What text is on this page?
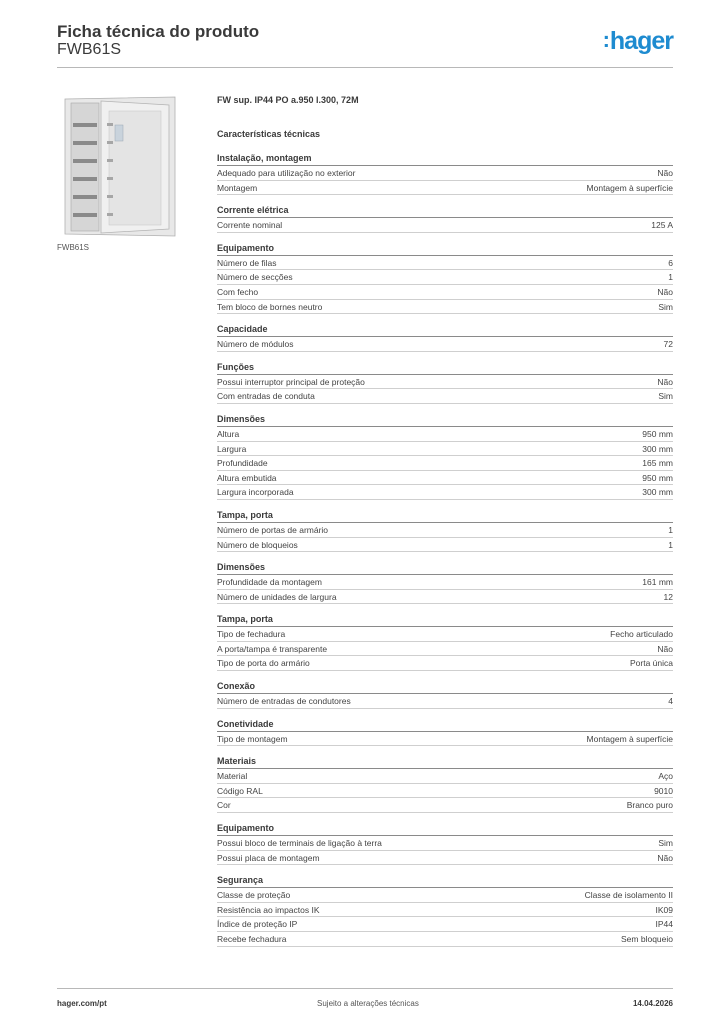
Ficha técnica do produto
FWB61S	:hager
FWB61S
FW sup. IP44 PO a.950 l.300, 72M
Características técnicas
Instalação, montagem
Adequado para utilização no exterior	Não
Montagem	Montagem à superfície
Corrente elétrica
Corrente nominal	125 A
Equipamento
Número de filas	6
Número de secções	1
Com fecho	Não
Tem bloco de bornes neutro	Sim
Capacidade
Número de módulos	72
Funções
Possui interruptor principal de proteção	Não
Com entradas de conduta	Sim
Dimensões
Altura	950 mm
Largura	300 mm
Profundidade	165 mm
Altura embutida	950 mm
Largura incorporada	300 mm
Tampa, porta
Número de portas de armário	1
Número de bloqueios	1
Dimensões
Profundidade da montagem	161 mm
Número de unidades de largura	12
Tampa, porta
Tipo de fechadura	Fecho articulado
A porta/tampa é transparente	Não
Tipo de porta do armário	Porta única
Conexão
Número de entradas de condutores	4
Conetividade
Tipo de montagem	Montagem à superfície
Materiais
Material	Aço
Código RAL	9010
Cor	Branco puro
Equipamento
Possui bloco de terminais de ligação à terra	Sim
Possui placa de montagem	Não
Segurança
Classe de proteção	Classe de isolamento II
Resistência ao impactos IK	IK09
Índice de proteção IP	IP44
Recebe fechadura	Sem bloqueio
hager.com/pt	Sujeito a alterações técnicas	14.04.2026
